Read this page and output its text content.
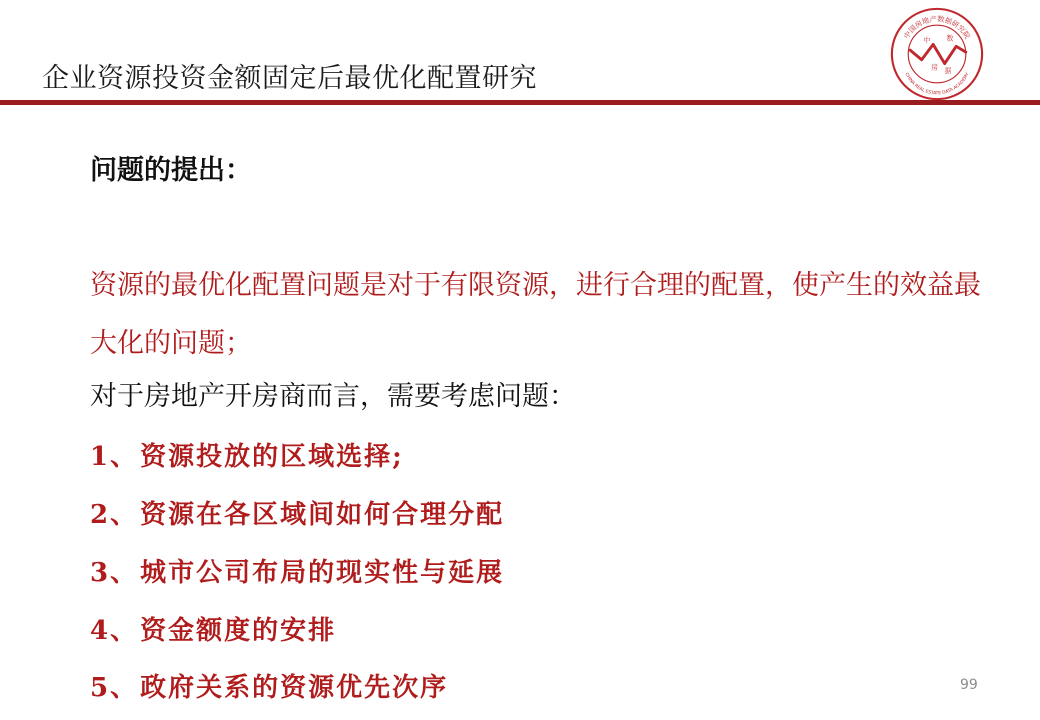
企业资源投资金额固定后最优化配置研究
中国房地产数据研究院
CHINA REAL ESTATE DATA ACADEMY
中 数
房 据
问题的提出：
资源的最优化配置问题是对于有限资源，进行合理的配置，使产生的效益最大化的问题；
对于房地产开房商而言，需要考虑问题：
1、资源投放的区域选择;
2、资源在各区域间如何合理分配
3、城市公司布局的现实性与延展
4、资金额度的安排
5、政府关系的资源优先次序	99
